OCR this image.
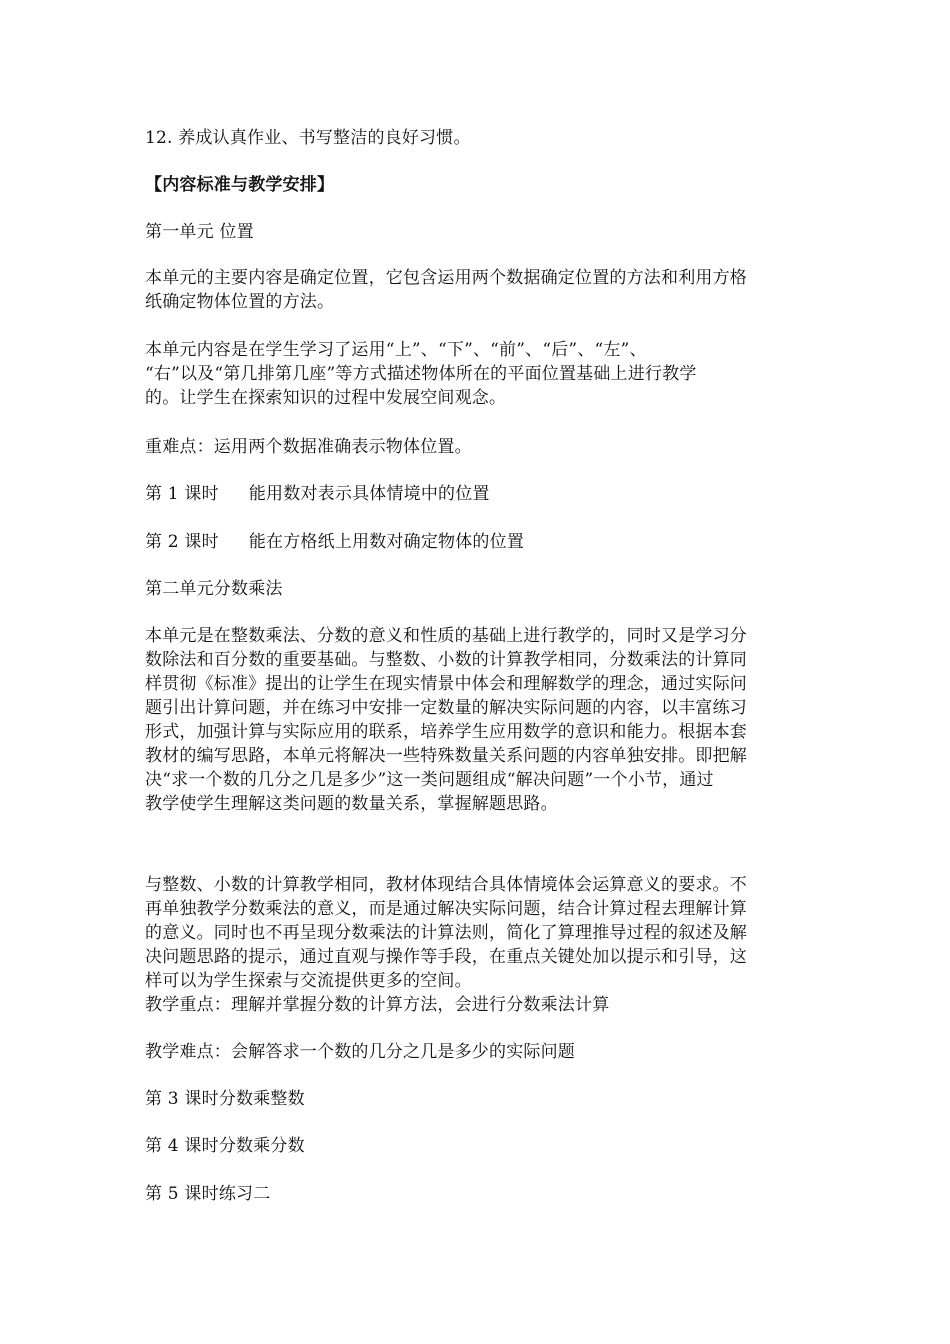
12. 养成认真作业、书写整洁的良好习惯。

【内容标准与教学安排】

第一单元 位置

本单元的主要内容是确定位置，它包含运用两个数据确定位置的方法和利用方格
纸确定物体位置的方法。
本单元内容是在学生学习了运用“上”、“下”、“前”、“后”、“左”、
“右”以及“第几排第几座”等方式描述物体所在的平面位置基础上进行教学
的。让学生在探索知识的过程中发展空间观念。

重难点：运用两个数据准确表示物体位置。

第 1 课时 能用数对表示具体情境中的位置

第 2 课时 能在方格纸上用数对确定物体的位置

第二单元分数乘法

本单元是在整数乘法、分数的意义和性质的基础上进行教学的，同时又是学习分
数除法和百分数的重要基础。与整数、小数的计算教学相同，分数乘法的计算同
样贯彻《标准》提出的让学生在现实情景中体会和理解数学的理念，通过实际问
题引出计算问题，并在练习中安排一定数量的解决实际问题的内容，以丰富练习
形式，加强计算与实际应用的联系，培养学生应用数学的意识和能力。根据本套
教材的编写思路，本单元将解决一些特殊数量关系问题的内容单独安排。即把解
决“求一个数的几分之几是多少”这一类问题组成“解决问题”一个小节，通过
教学使学生理解这类问题的数量关系，掌握解题思路。
与整数、小数的计算教学相同，教材体现结合具体情境体会运算意义的要求。不
再单独教学分数乘法的意义，而是通过解决实际问题，结合计算过程去理解计算
的意义。同时也不再呈现分数乘法的计算法则，简化了算理推导过程的叙述及解
决问题思路的提示，通过直观与操作等手段，在重点关键处加以提示和引导，这
样可以为学生探索与交流提供更多的空间。

教学重点：理解并掌握分数的计算方法，会进行分数乘法计算

教学难点：会解答求一个数的几分之几是多少的实际问题

第 3 课时分数乘整数

第 4 课时分数乘分数

第 5 课时练习二
